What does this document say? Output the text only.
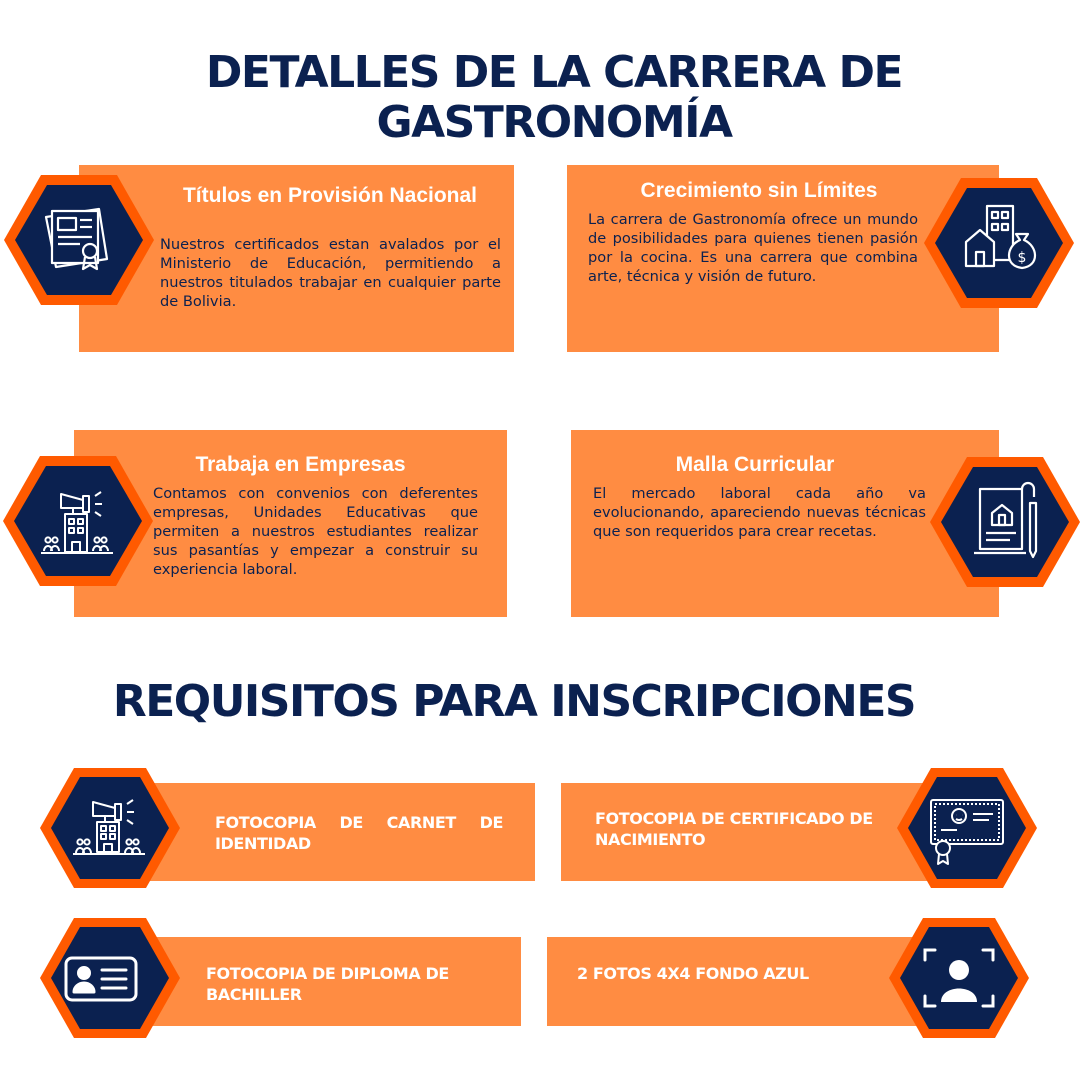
DETALLES DE LA CARRERA DE
GASTRONOMÍA
Títulos en Provisión Nacional
Nuestros certificados estan avalados por el Ministerio de Educación, permitiendo a nuestros titulados trabajar en cualquier parte de Bolivia.
Crecimiento sin Límites
La carrera de Gastronomía ofrece un mundo de posibilidades para quienes tienen pasión por la cocina. Es una carrera que combina arte, técnica y visión de futuro.
$
Trabaja en Empresas
Contamos con convenios con deferentes empresas, Unidades Educativas que permiten a nuestros estudiantes realizar sus pasantías y empezar a construir su experiencia laboral.
Malla Curricular
El mercado laboral cada año va evolucionando, apareciendo nuevas técnicas que son requeridos para crear recetas.
REQUISITOS PARA INSCRIPCIONES
FOTOCOPIA DE CARNET DE IDENTIDAD
FOTOCOPIA DE CERTIFICADO DE NACIMIENTO
FOTOCOPIA DE DIPLOMA DE BACHILLER
2 FOTOS 4X4 FONDO AZUL
